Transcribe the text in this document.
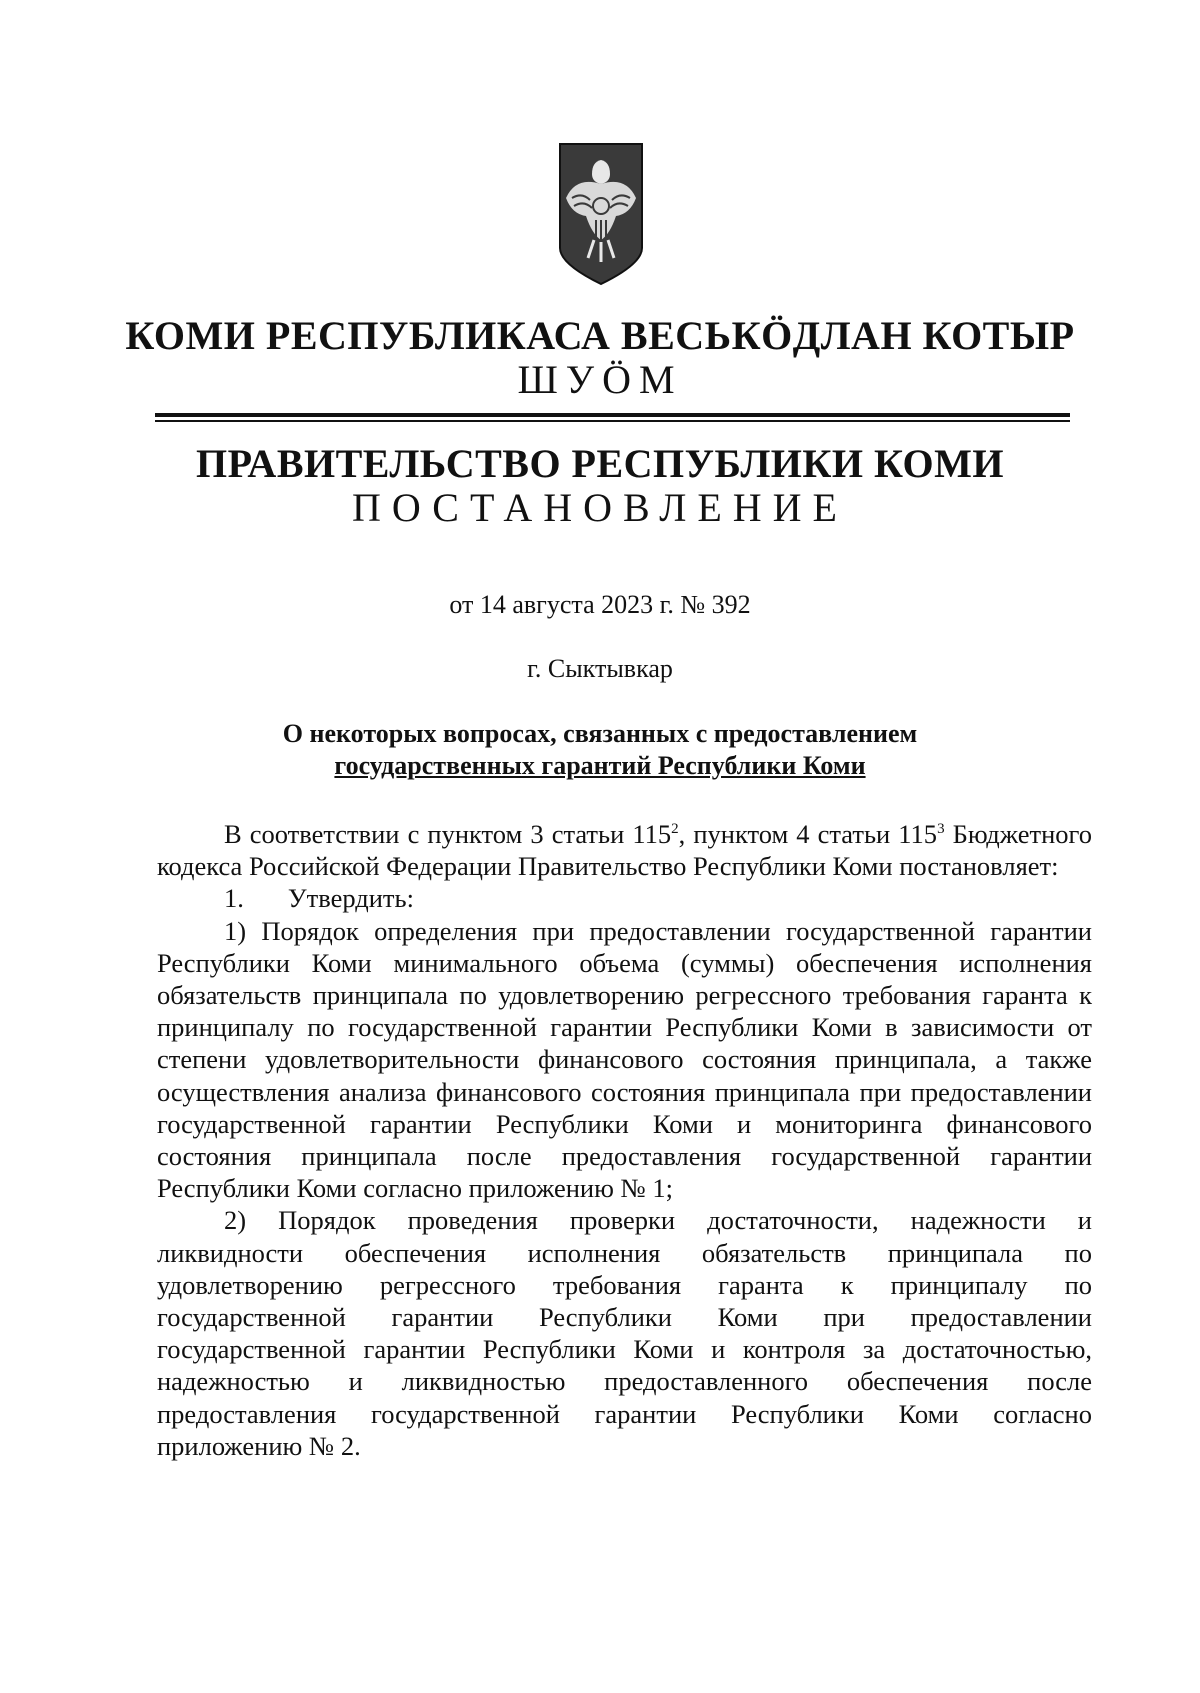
КОМИ РЕСПУБЛИКАСА ВЕСЬКӦДЛАН КОТЫР
ШУӦМ
ПРАВИТЕЛЬСТВО РЕСПУБЛИКИ КОМИ
ПОСТАНОВЛЕНИЕ
от 14 августа 2023 г. № 392
г. Сыктывкар
О некоторых вопросах, связанных с предоставлением
государственных гарантий Республики Коми

В соответствии с пунктом 3 статьи $115^2$, пунктом 4 статьи $115^3$ Бюджетного кодекса Российской Федерации Правительство Республики Коми постановляет:

1. Утвердить:

1) Порядок определения при предоставлении государственной гарантии Республики Коми минимального объема (суммы) обеспечения исполнения обязательств принципала по удовлетворению регрессного требования гаранта к принципалу по государственной гарантии Республики Коми в зависимости от степени удовлетворительности финансового состояния принципала, а также осуществления анализа финансового состояния принципала при предоставлении государственной гарантии Республики Коми и мониторинга финансового состояния принципала после предоставления государственной гарантии Республики Коми согласно приложению № 1;

2) Порядок проведения проверки достаточности, надежности и ликвидности обеспечения исполнения обязательств принципала по удовлетворению регрессного требования гаранта к принципалу по государственной гарантии Республики Коми при предоставлении государственной гарантии Республики Коми и контроля за достаточностью, надежностью и ликвидностью предоставленного обеспечения после предоставления государственной гарантии Республики Коми согласно приложению № 2.
